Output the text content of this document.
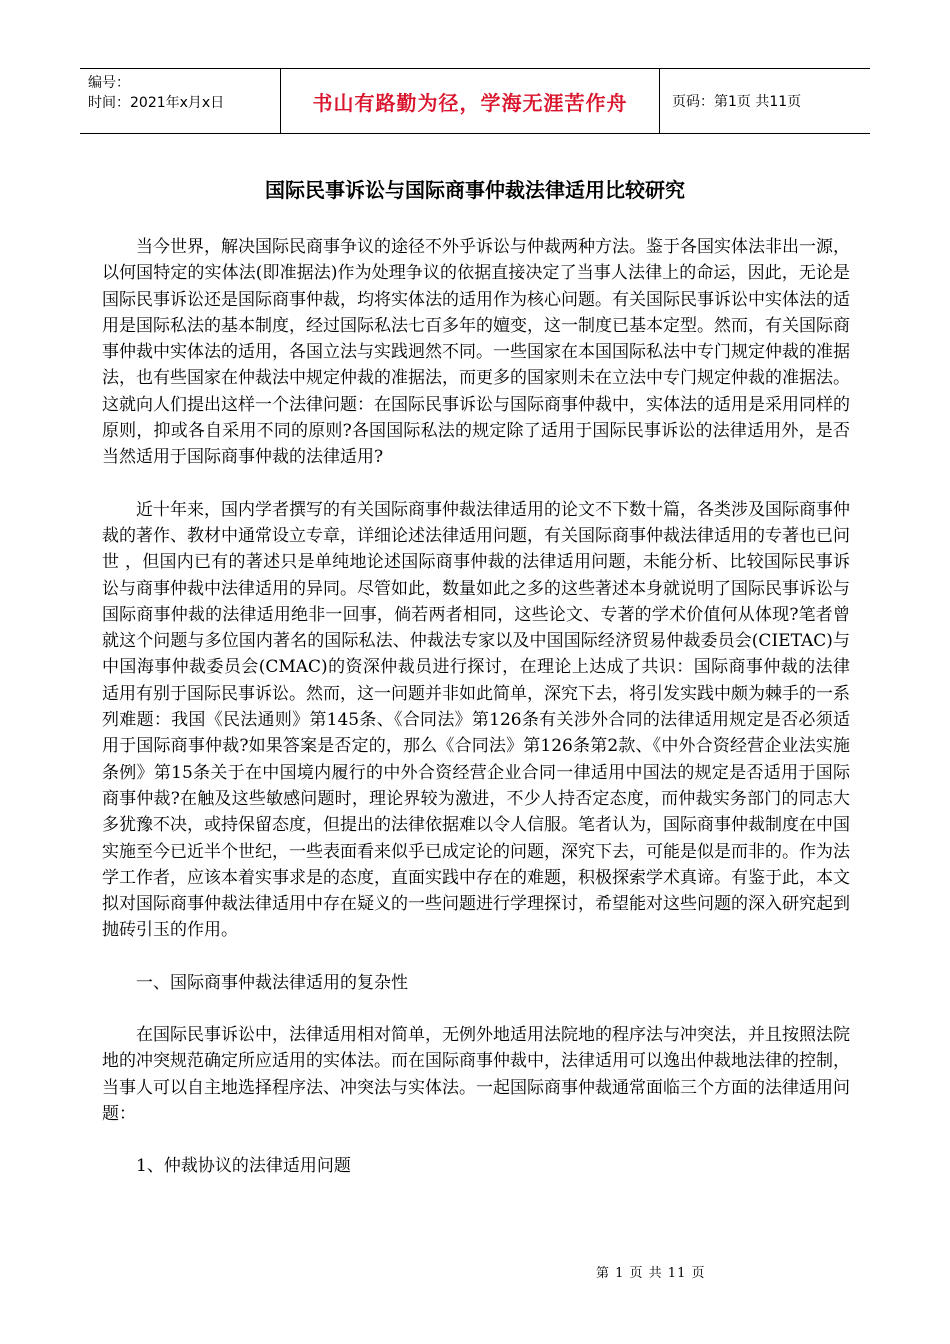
编号：
时间：2021年x月x日	书山有路勤为径，学海无涯苦作舟	页码：第1页 共11页
国际民事诉讼与国际商事仲裁法律适用比较研究

当今世界，解决国际民商事争议的途径不外乎诉讼与仲裁两种方法。鉴于各国实体法非出一源，以何国特定的实体法(即准据法)作为处理争议的依据直接决定了当事人法律上的命运，因此，无论是国际民事诉讼还是国际商事仲裁，均将实体法的适用作为核心问题。有关国际民事诉讼中实体法的适用是国际私法的基本制度，经过国际私法七百多年的嬗变，这一制度已基本定型。然而，有关国际商事仲裁中实体法的适用，各国立法与实践迥然不同。一些国家在本国国际私法中专门规定仲裁的准据法，也有些国家在仲裁法中规定仲裁的准据法，而更多的国家则未在立法中专门规定仲裁的准据法。这就向人们提出这样一个法律问题：在国际民事诉讼与国际商事仲裁中，实体法的适用是采用同样的原则，抑或各自采用不同的原则?各国国际私法的规定除了适用于国际民事诉讼的法律适用外，是否当然适用于国际商事仲裁的法律适用?

近十年来，国内学者撰写的有关国际商事仲裁法律适用的论文不下数十篇，各类涉及国际商事仲裁的著作、教材中通常设立专章，详细论述法律适用问题，有关国际商事仲裁法律适用的专著也已问世 ，但国内已有的著述只是单纯地论述国际商事仲裁的法律适用问题，未能分析、比较国际民事诉讼与商事仲裁中法律适用的异同。尽管如此，数量如此之多的这些著述本身就说明了国际民事诉讼与国际商事仲裁的法律适用绝非一回事，倘若两者相同，这些论文、专著的学术价值何从体现?笔者曾就这个问题与多位国内著名的国际私法、仲裁法专家以及中国国际经济贸易仲裁委员会(CIETAC)与中国海事仲裁委员会(CMAC)的资深仲裁员进行探讨，在理论上达成了共识：国际商事仲裁的法律适用有别于国际民事诉讼。然而，这一问题并非如此简单，深究下去，将引发实践中颇为棘手的一系列难题：我国《民法通则》第145条、《合同法》第126条有关涉外合同的法律适用规定是否必须适用于国际商事仲裁?如果答案是否定的，那么《合同法》第126条第2款、《中外合资经营企业法实施条例》第15条关于在中国境内履行的中外合资经营企业合同一律适用中国法的规定是否适用于国际商事仲裁?在触及这些敏感问题时，理论界较为激进，不少人持否定态度，而仲裁实务部门的同志大多犹豫不决，或持保留态度，但提出的法律依据难以令人信服。笔者认为，国际商事仲裁制度在中国实施至今已近半个世纪，一些表面看来似乎已成定论的问题，深究下去，可能是似是而非的。作为法学工作者，应该本着实事求是的态度，直面实践中存在的难题，积极探索学术真谛。有鉴于此，本文拟对国际商事仲裁法律适用中存在疑义的一些问题进行学理探讨，希望能对这些问题的深入研究起到抛砖引玉的作用。

一、国际商事仲裁法律适用的复杂性

在国际民事诉讼中，法律适用相对简单，无例外地适用法院地的程序法与冲突法，并且按照法院地的冲突规范确定所应适用的实体法。而在国际商事仲裁中，法律适用可以逸出仲裁地法律的控制，当事人可以自主地选择程序法、冲突法与实体法。一起国际商事仲裁通常面临三个方面的法律适用问题：

1、仲裁协议的法律适用问题

第 1 页 共 11 页
